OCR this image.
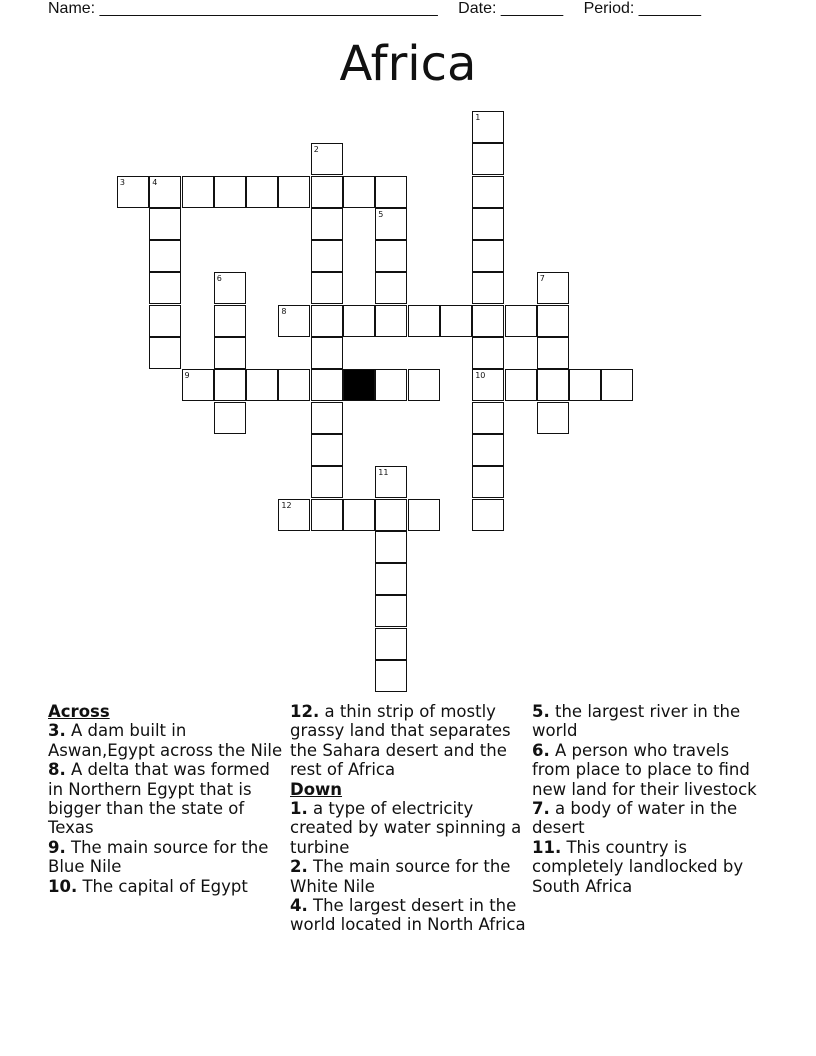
Name: ______________________________________ Date: _______ Period: _______
Africa
1
10
2
3	4
5
6	7
8
9
11
12
Across
3. A dam built in Aswan,Egypt across the Nile
8. A delta that was formed in Northern Egypt that is bigger than the state of Texas
9. The main source for the Blue Nile
10. The capital of Egypt
12. a thin strip of mostly grassy land that separates the Sahara desert and the rest of Africa
Down
1. a type of electricity created by water spinning a turbine
2. The main source for the White Nile
4. The largest desert in the world located in North Africa
5. the largest river in the world
6. A person who travels from place to place to find new land for their livestock
7. a body of water in the desert
11. This country is completely landlocked by South Africa
